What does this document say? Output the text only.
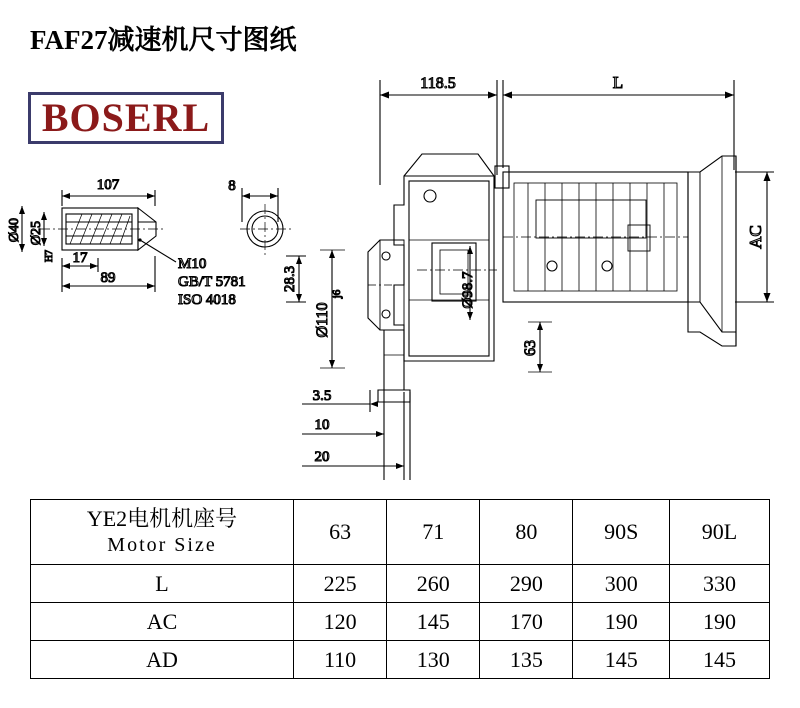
FAF27减速机尺寸图纸
BOSERL
107
Ø40 Ø25
H7 17
89
8
28.3
M10
GB/T 5781
ISO 4018
118.5	L
AC
Ø98.7
Ø110
j6
63
3.5
10
20
YE2电机机座号
Motor Size	63	71	80	90S	90L
L	225	260	290	300	330
AC	120	145	170	190	190
AD	110	130	135	145	145
